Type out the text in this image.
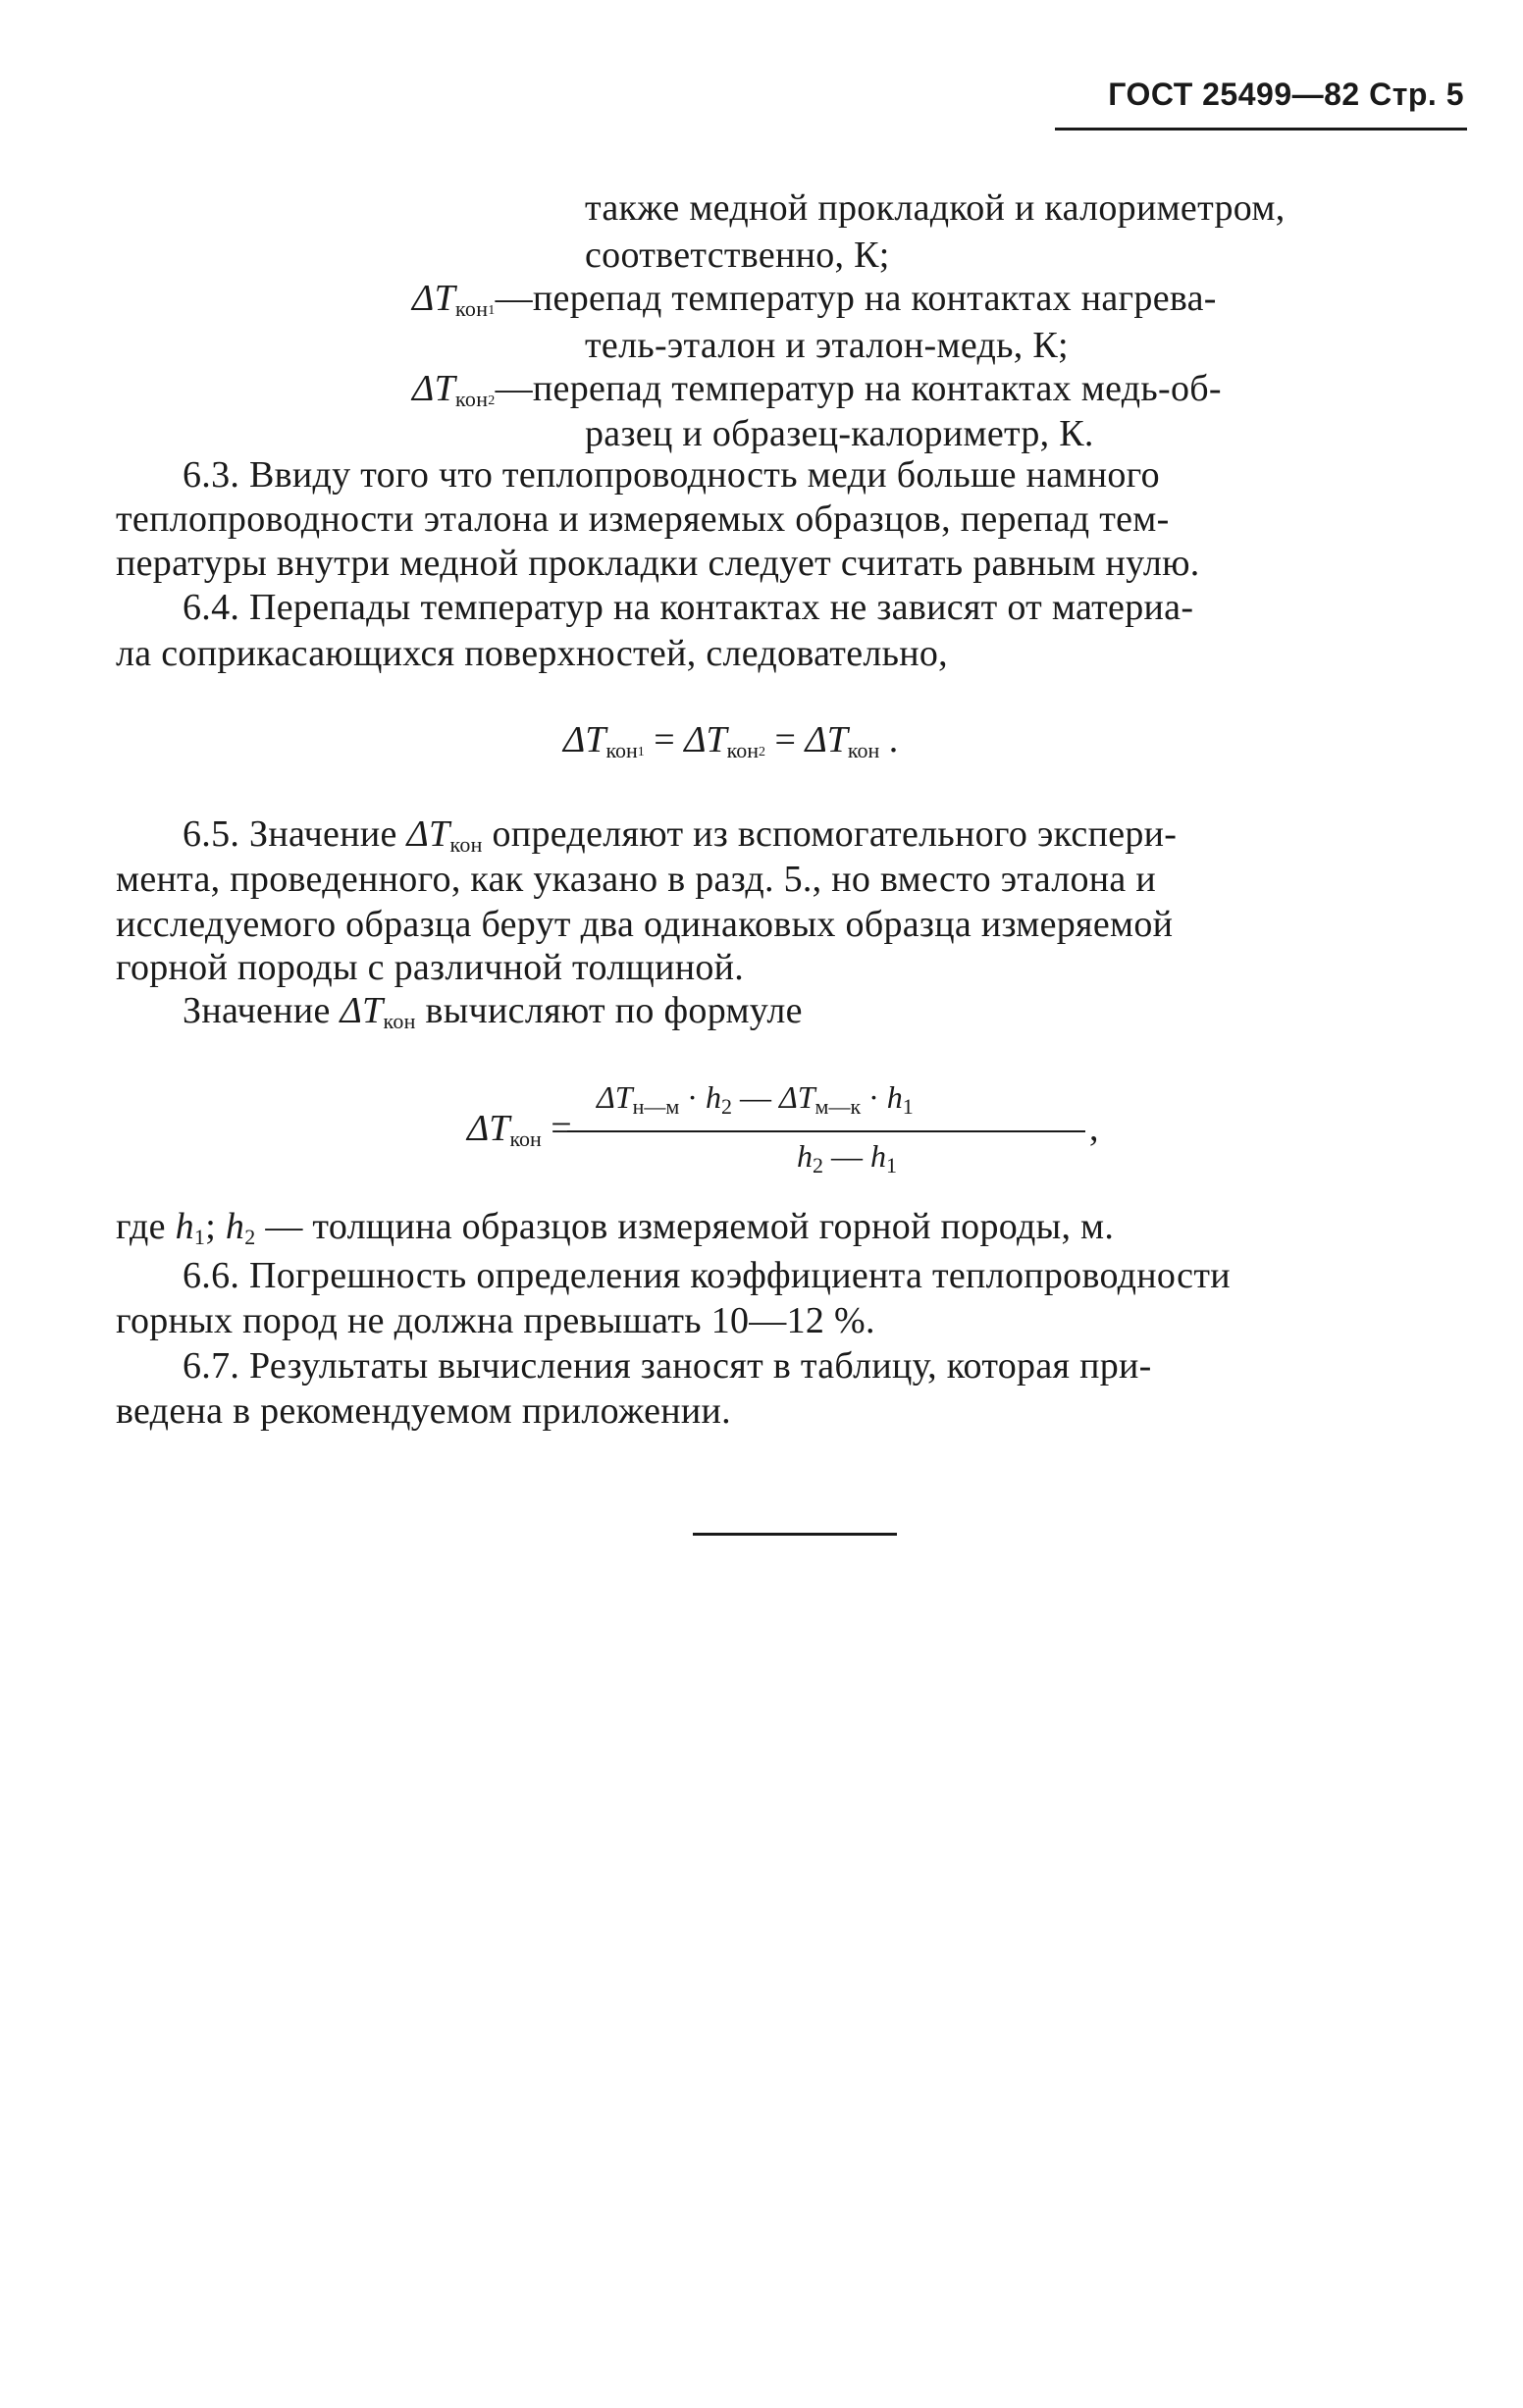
ГОСТ 25499—82 Стр. 5
также медной прокладкой и калориметром,
соответственно, К;
$\Delta T_{кон}1—перепад$ температур на контактах нагрева-
тель-эталон и эталон-медь, К;
$\Delta T_{кон}2—перепад$ температур на контактах медь-об-
разец и образец-калориметр, К.
6.3. Ввиду того что теплопроводность меди больше намного
теплопроводности эталона и измеряемых образцов, перепад тем-
пературы внутри медной прокладки следует считать равным нулю.
6.4. Перепады температур на контактах не зависят от материа-
ла соприкасающихся поверхностей, следовательно,
$\Delta T_{кон}1 = \Delta T_{кон}2 = \Delta T_{кон}$ .
6.5. Значение $\Delta T_{кон}$ определяют из вспомогательного экспери-
мента, проведенного, как указано в разд. 5., но вместо эталона и
исследуемого образца берут два одинаковых образца измеряемой
горной породы с различной толщиной.
Значение $\Delta T_{кон}$ вычисляют по формуле
$\Delta T_{кон}$ =
$\Delta T_{н—м} \cdot h_2$ — $\Delta T_{м—к} \cdot h_1$
,
$h_2$ — $h_1$
где $h_1$; $h_2$ — толщина образцов измеряемой горной породы, м.
6.6. Погрешность определения коэффициента теплопроводности
горных пород не должна превышать 10—12 %.
6.7. Результаты вычисления заносят в таблицу, которая при-
ведена в рекомендуемом приложении.
